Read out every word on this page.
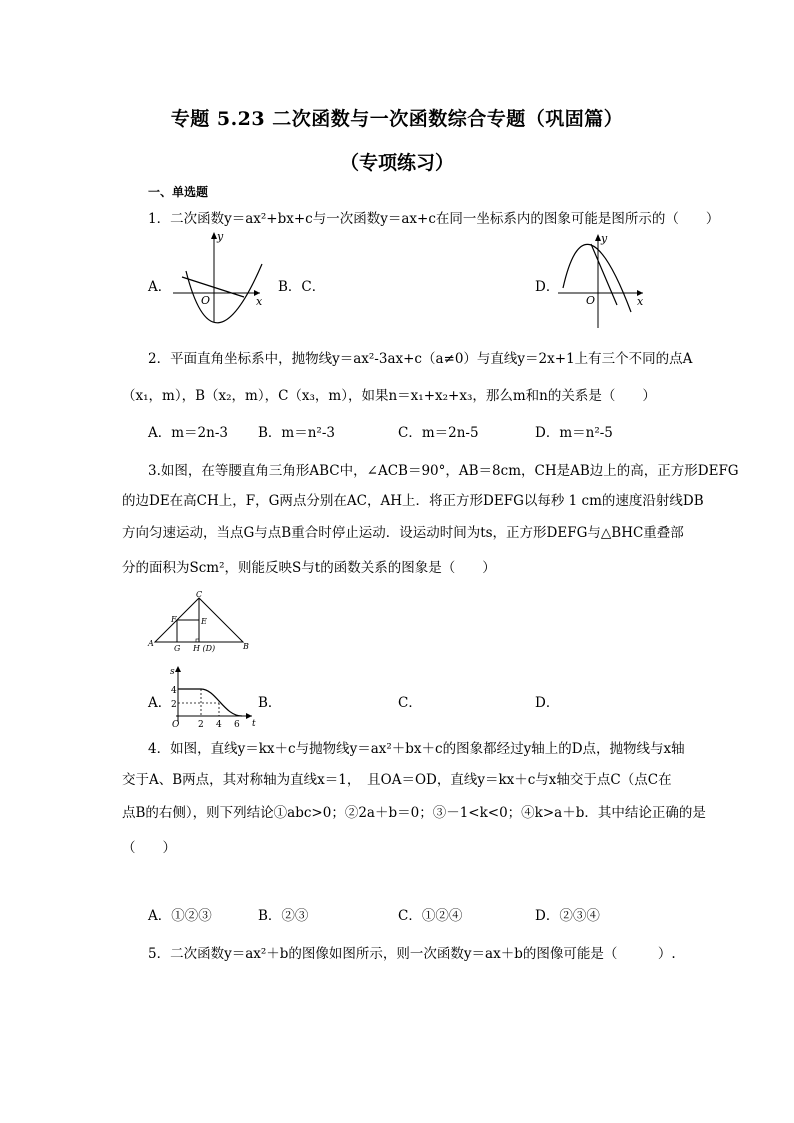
专题 5.23 二次函数与一次函数综合专题（巩固篇）
（专项练习）
一、单选题
1．二次函数y＝ax²+bx+c与一次函数y＝ax+c在同一坐标系内的图象可能是图所示的（　　）
A．
O	x
y
B．C．	D．
O	x
y
2．平面直角坐标系中，抛物线y＝ax²-3ax+c（a≠0）与直线y＝2x+1上有三个不同的点A
（x₁，m），B（x₂，m），C（x₃，m），如果n＝x₁+x₂+x₃，那么m和n的关系是（　　）
A．m＝2n-3 B．m＝n²-3	C．m＝2n-5	D．m＝n²-5
3.如图，在等腰直角三角形ABC中，∠ACB＝90°，AB＝8cm，CH是AB边上的高，正方形DEFG
的边DE在高CH上，F，G两点分别在AC，AH上．将正方形DEFG以每秒 1 cm的速度沿射线DB
方向匀速运动，当点G与点B重合时停止运动．设运动时间为ts，正方形DEFG与△BHC重叠部
分的面积为Scm²，则能反映S与t的函数关系的图象是（　　）
C
F	E
A
G H (D)	B
A．
s
t
4
2
O 2 4 6
B．	C．	D．
4．如图，直线y＝kx＋c与抛物线y＝ax²＋bx＋c的图象都经过y轴上的D点，抛物线与x轴
交于A、B两点，其对称轴为直线x＝1，　且OA＝OD，直线y＝kx＋c与x轴交于点C（点C在
点B的右侧），则下列结论①abc>0；②2a＋b＝0；③－1<k<0；④k>a＋b．其中结论正确的是
（　　）
A．①②③	B．②③	C．①②④	D．②③④
5．二次函数y＝ax²＋b的图像如图所示，则一次函数y＝ax＋b的图像可能是（　　　）.
